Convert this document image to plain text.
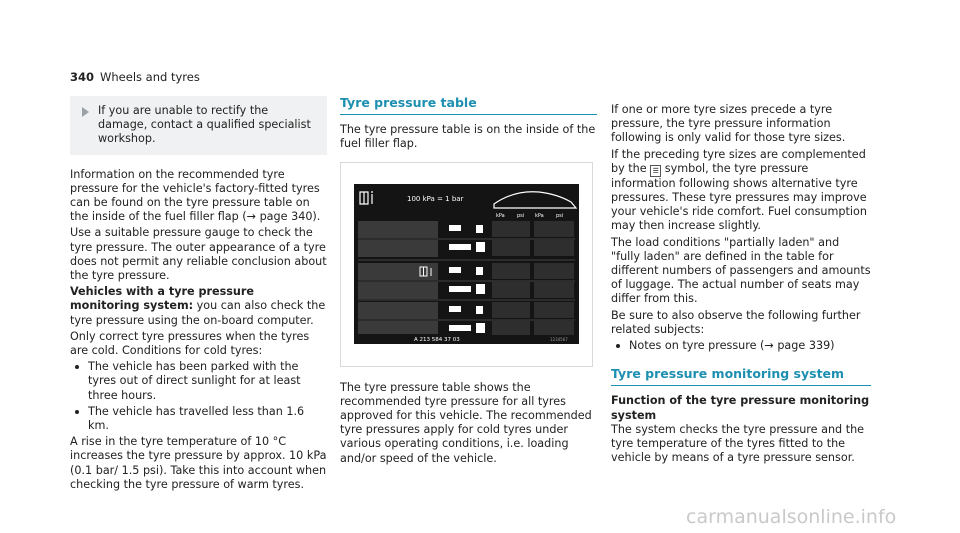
340 Wheels and tyres
If you are unable to rectify the damage, contact a qualified specialist workshop.

Information on the recommended tyre pressure for the vehicle's factory-fitted tyres can be found on the tyre pressure table on the inside of the fuel filler flap (→ page 340).

Use a suitable pressure gauge to check the tyre pressure. The outer appearance of a tyre does not permit any reliable conclusion about the tyre pressure.

Vehicles with a tyre pressure monitoring system: you can also check the tyre pressure using the on-board computer.

Only correct tyre pressures when the tyres are cold. Conditions for cold tyres:

The vehicle has been parked with the tyres out of direct sunlight for at least three hours.
The vehicle has travelled less than 1.6 km.

A rise in the tyre temperature of 10 °C increases the tyre pressure by approx. 10 kPa (0.1 bar/ 1.5 psi). Take this into account when checking the tyre pressure of warm tyres.

Tyre pressure table

The tyre pressure table is on the inside of the fuel filler flap.

100 kPa = 1 bar
kPa psi kPa psi
A 213 584 37 03	1234567

The tyre pressure table shows the recommended tyre pressure for all tyres approved for this vehicle. The recommended tyre pressures apply for cold tyres under various operating conditions, i.e. loading and/or speed of the vehicle.

If one or more tyre sizes precede a tyre pressure, the tyre pressure information following is only valid for those tyre sizes.

If the preceding tyre sizes are complemented by the ☰ symbol, the tyre pressure information following shows alternative tyre pressures. These tyre pressures may improve your vehicle's ride comfort. Fuel consumption may then increase slightly.

The load conditions "partially laden" and "fully laden" are defined in the table for different numbers of passengers and amounts of luggage. The actual number of seats may differ from this.

Be sure to also observe the following further related subjects:

Notes on tyre pressure (→ page 339)
Tyre pressure monitoring system

Function of the tyre pressure monitoring system

The system checks the tyre pressure and the tyre temperature of the tyres fitted to the vehicle by means of a tyre pressure sensor.

carmanualsonline.info
